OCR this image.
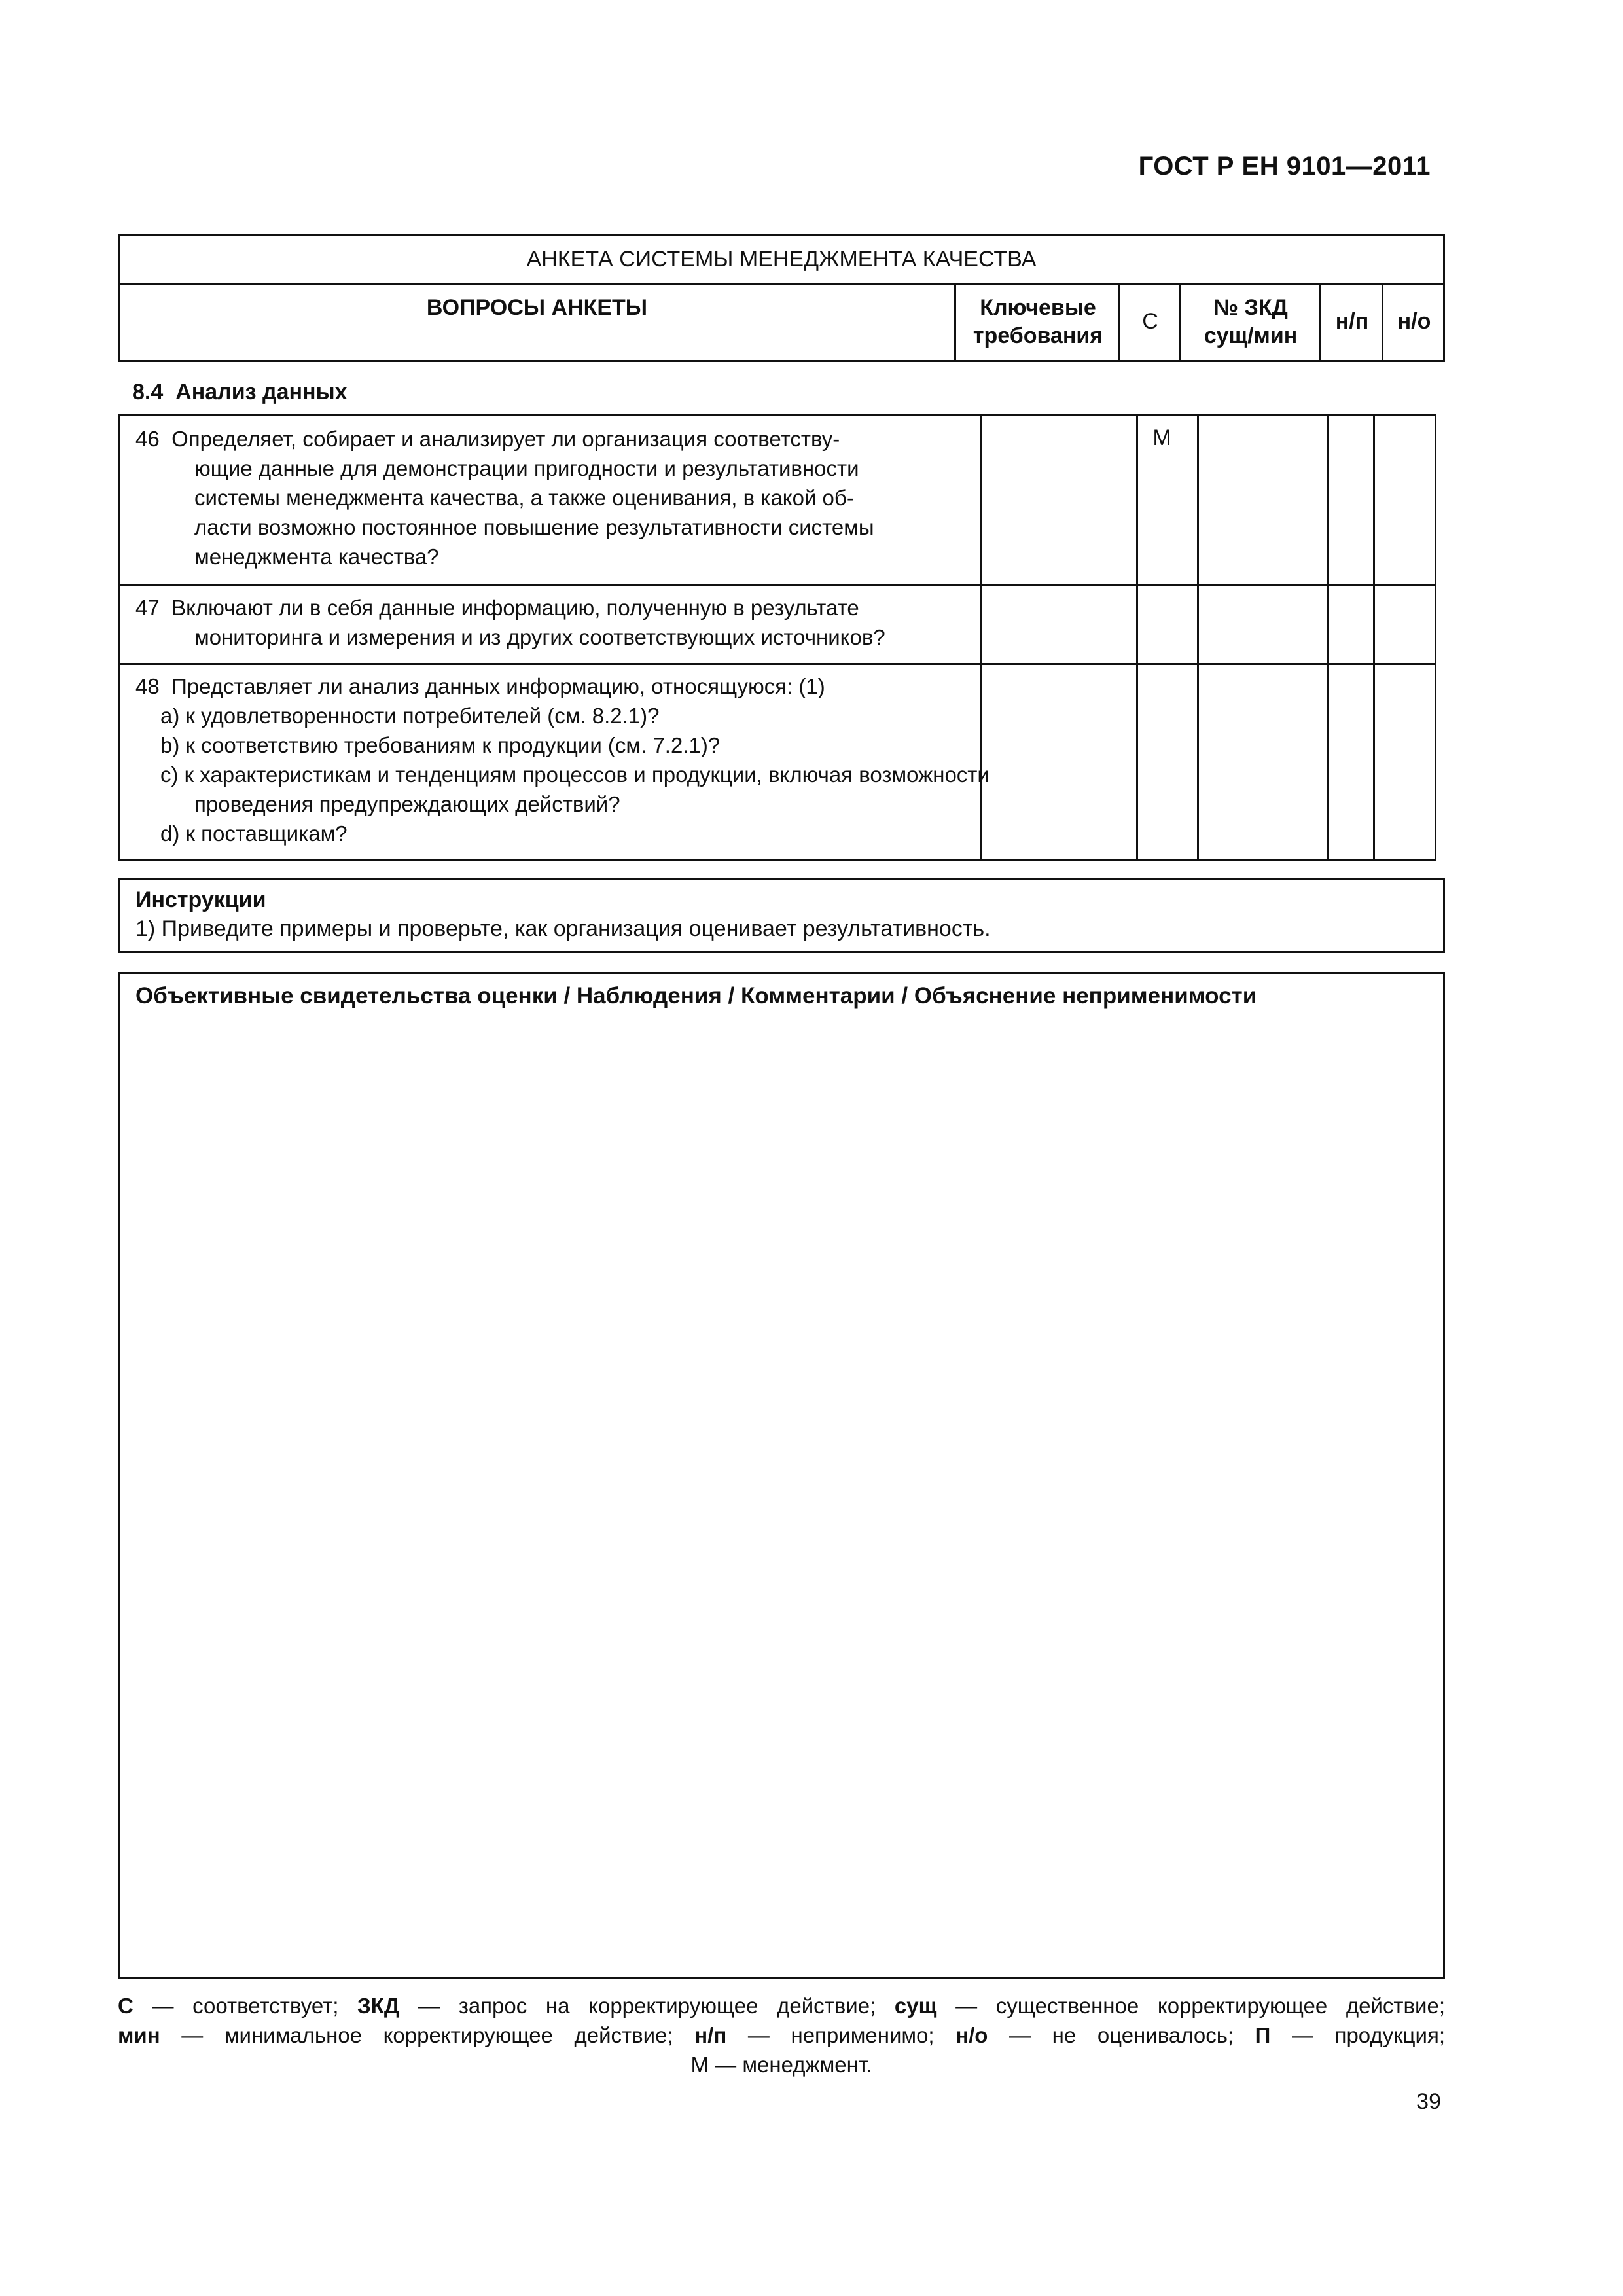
ГОСТ Р ЕН 9101—2011
АНКЕТА СИСТЕМЫ МЕНЕДЖМЕНТА КАЧЕСТВА
ВОПРОСЫ АНКЕТЫ	Ключевые
требования
С
№ ЗКД
сущ/мин
н/п	н/о
8.4 Анализ данных
46 Определяет, собирает и анализирует ли организация соответству-
ющие данные для демонстрации пригодности и результативности
системы менеджмента качества, а также оценивания, в какой об-
ласти возможно постоянное повышение результативности системы
менеджмента качества?
М
47 Включают ли в себя данные информацию, полученную в результате
мониторинга и измерения и из других соответствующих источников?
48 Представляет ли анализ данных информацию, относящуюся: (1)
a) к удовлетворенности потребителей (см. 8.2.1)?
b) к соответствию требованиям к продукции (см. 7.2.1)?
c) к характеристикам и тенденциям процессов и продукции, включая возможности проведения предупреждающих действий?
d) к поставщикам?
Инструкции
1) Приведите примеры и проверьте, как организация оценивает результативность.
Объективные свидетельства оценки / Наблюдения / Комментарии / Объяснение неприменимости
С — соответствует; ЗКД — запрос на корректирующее действие; сущ — существенное корректирующее действие;
мин — минимальное корректирующее действие; н/п — неприменимо; н/о — не оценивалось; П — продукция;
М — менеджмент.
39
